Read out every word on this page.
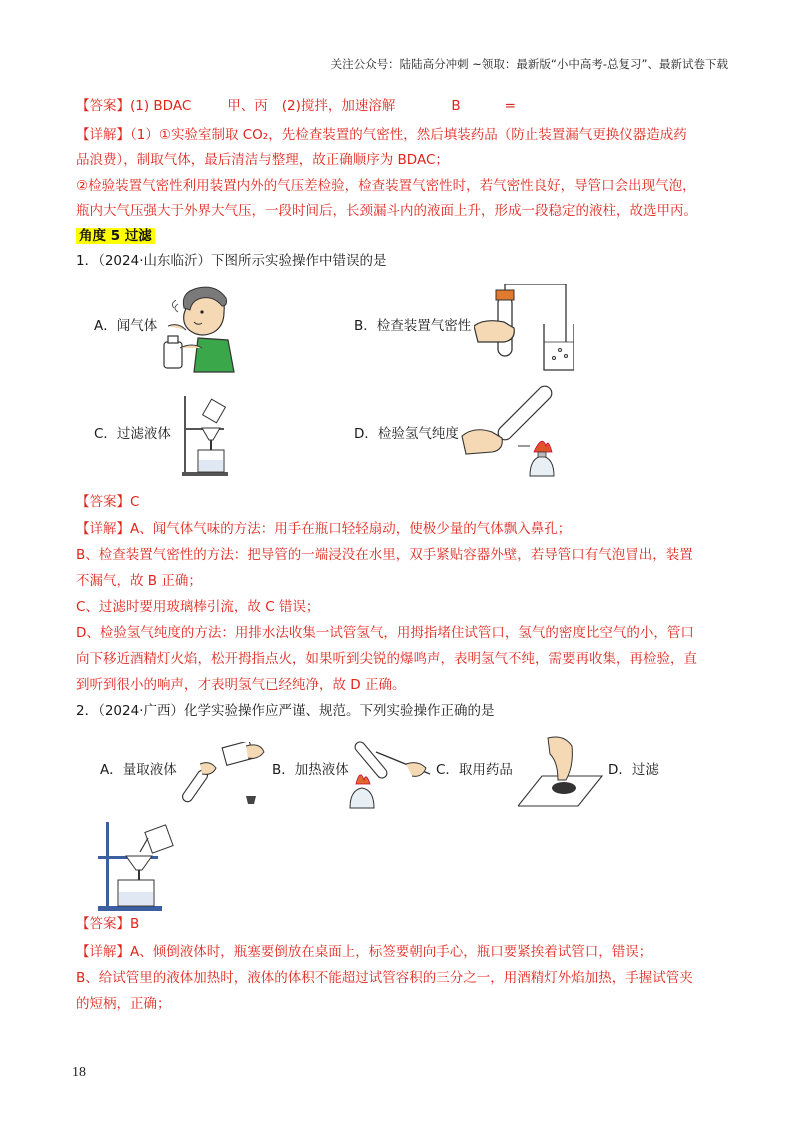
关注公众号：陆陆高分冲刺 ~领取：最新版“小中高考-总复习”、最新试卷下载
【答案】(1) BDAC	甲、丙 (2)搅拌，加速溶解	B	=
【详解】（1）①实验室制取 CO₂，先检查装置的气密性，然后填装药品（防止装置漏气更换仪器造成药
品浪费），制取气体，最后清洁与整理，故正确顺序为 BDAC；
②检验装置气密性利用装置内外的气压差检验，检查装置气密性时，若气密性良好，导管口会出现气泡，
瓶内大气压强大于外界大气压，一段时间后，长颈漏斗内的液面上升，形成一段稳定的液柱，故选甲丙。
角度 5 过滤
1．（2024·山东临沂）下图所示实验操作中错误的是
A．闻气体	B．检查装置气密性
C．过滤液体	D．检验氢气纯度
【答案】C
【详解】A、闻气体气味的方法：用手在瓶口轻轻扇动，使极少量的气体飘入鼻孔；
B、检查装置气密性的方法：把导管的一端浸没在水里，双手紧贴容器外壁，若导管口有气泡冒出，装置
不漏气，故 B 正确；
C、过滤时要用玻璃棒引流，故 C 错误；
D、检验氢气纯度的方法：用排水法收集一试管氢气，用拇指堵住试管口，氢气的密度比空气的小，管口
向下移近酒精灯火焰，松开拇指点火，如果听到尖锐的爆鸣声，表明氢气不纯，需要再收集，再检验，直
到听到很小的响声，才表明氢气已经纯净，故 D 正确。
2．（2024·广西）化学实验操作应严谨、规范。下列实验操作正确的是
A．量取液体	B．加热液体	C．取用药品	D．过滤
【答案】B
【详解】A、倾倒液体时，瓶塞要倒放在桌面上，标签要朝向手心，瓶口要紧挨着试管口，错误；
B、给试管里的液体加热时，液体的体积不能超过试管容积的三分之一，用酒精灯外焰加热，手握试管夹
的短柄，正确；
18
